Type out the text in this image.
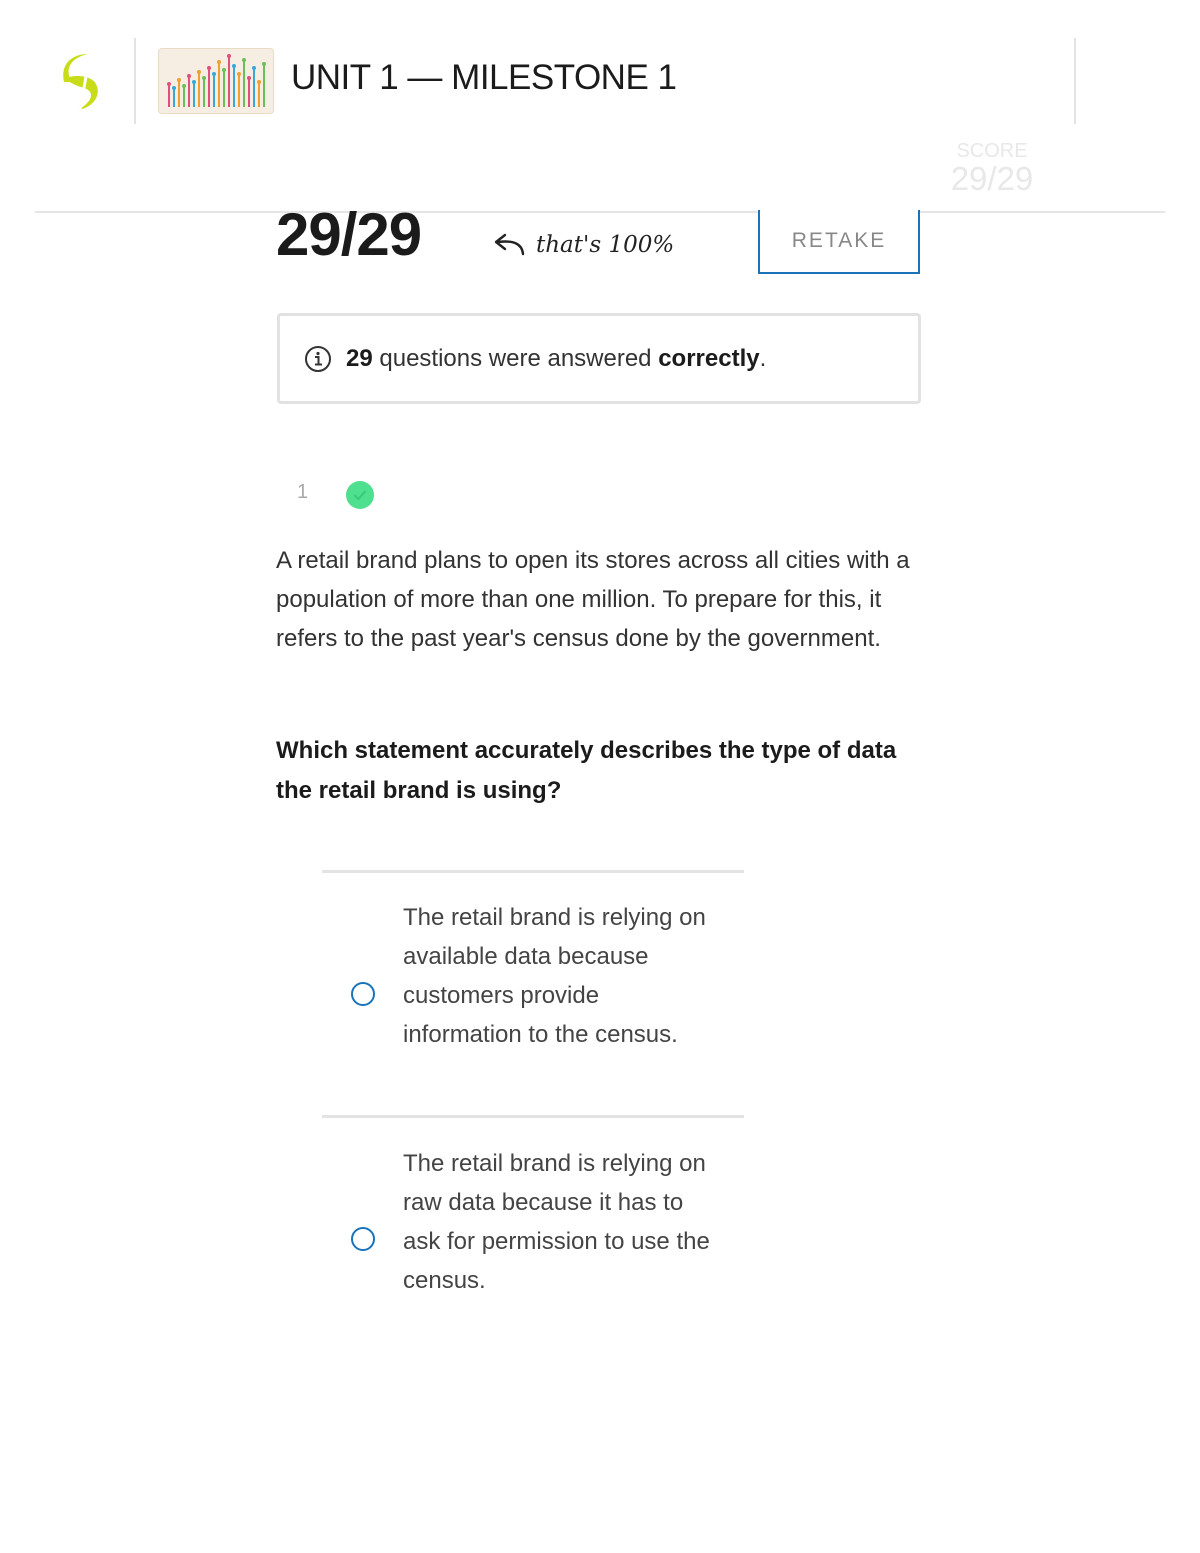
UNIT 1 — MILESTONE 1
SCORE
29/29
29/29	that's 100%	RETAKE
29 questions were answered correctly.
1

A retail brand plans to open its stores across all cities with a population of more than one million. To prepare for this, it refers to the past year's census done by the government.

Which statement accurately describes the type of data the retail brand is using?

The retail brand is relying on available data because customers provide information to the census.

The retail brand is relying on raw data because it has to ask for permission to use the census.
